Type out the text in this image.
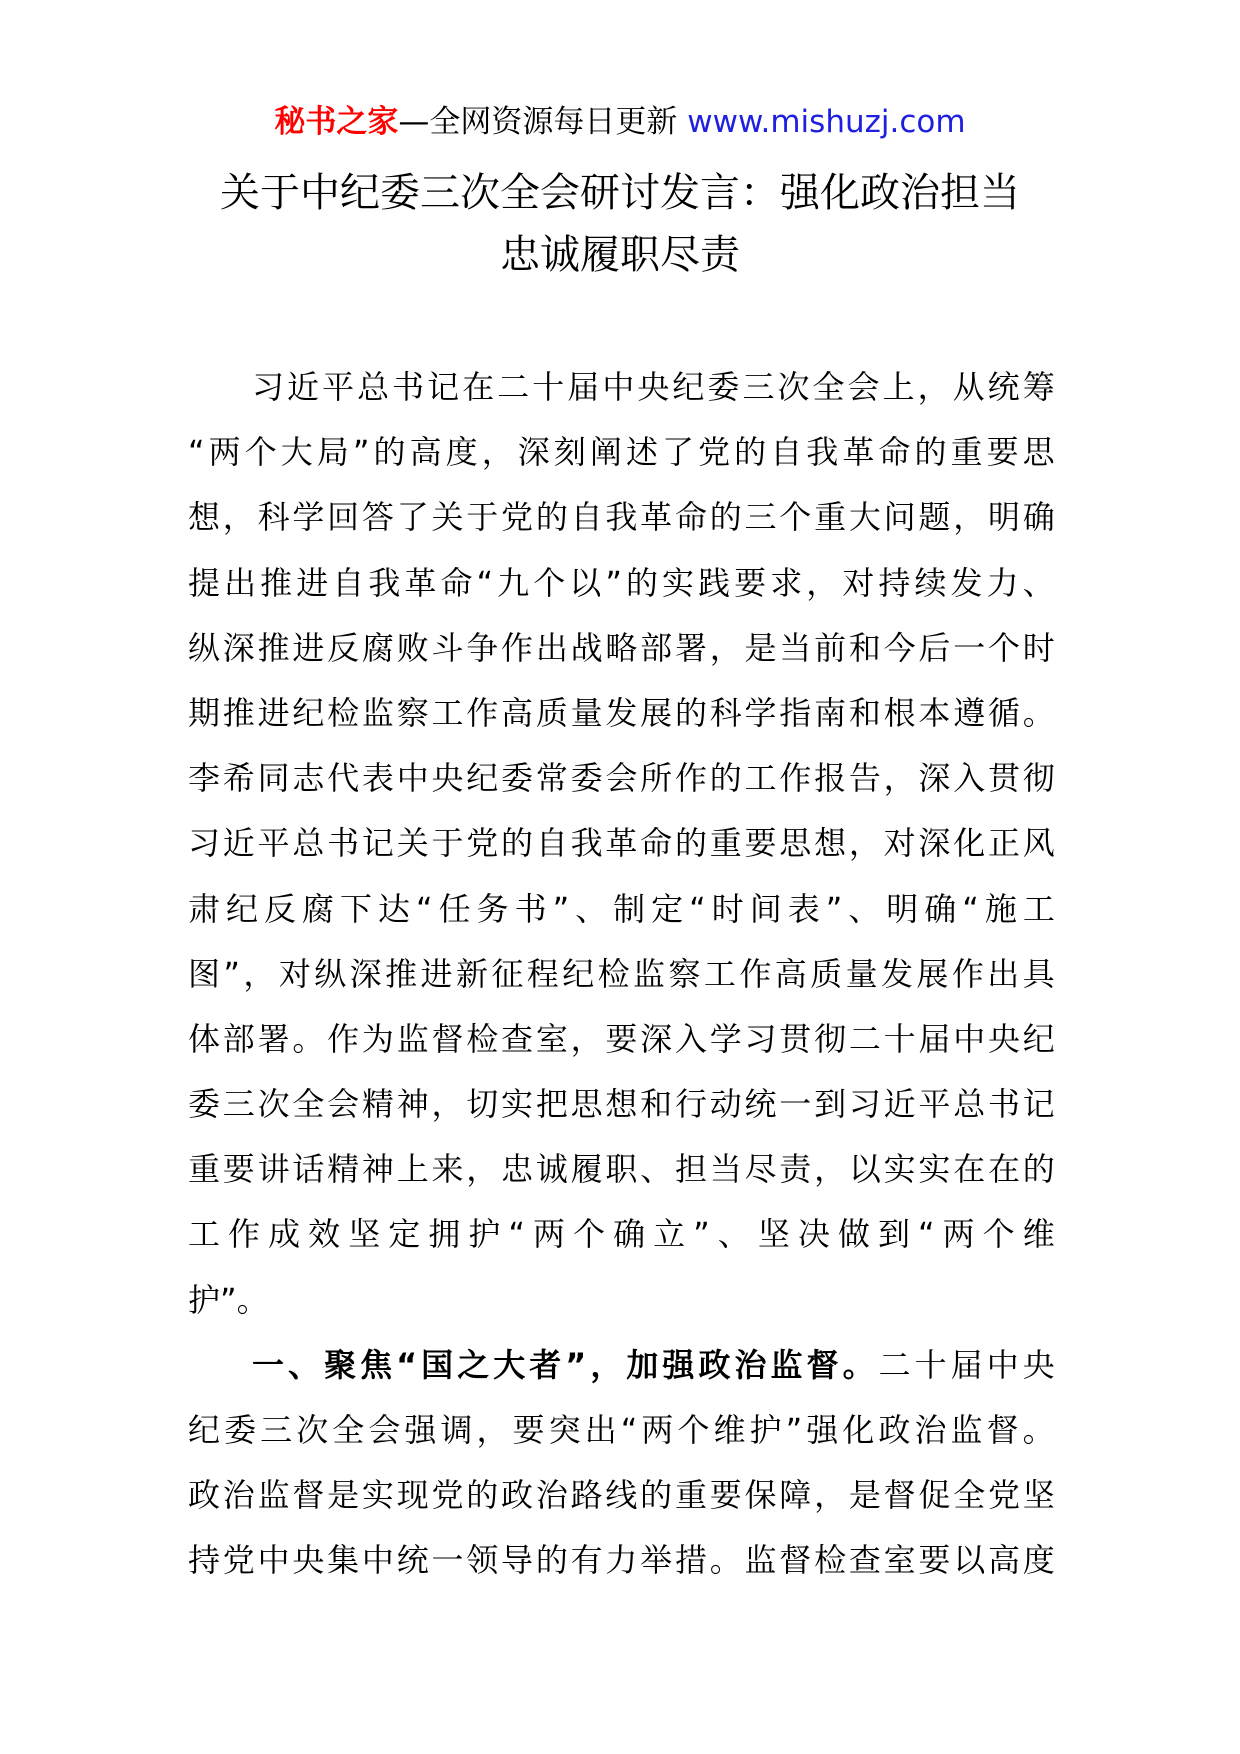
秘书之家—全网资源每日更新 www.mishuzj.com
关于中纪委三次全会研讨发言：强化政治担当
忠诚履职尽责
习 近 平 总 书 记 在 二 十 届 中 央 纪 委 三 次 全 会 上 ， 从 统 筹
“ 两 个 大 局 ” 的 高 度 ， 深 刻 阐 述 了 党 的 自 我 革 命 的 重 要 思
想 ， 科 学 回 答 了 关 于 党 的 自 我 革 命 的 三 个 重 大 问 题 ， 明 确
提 出 推 进 自 我 革 命 “ 九 个 以 ” 的 实 践 要 求 ， 对 持 续 发 力 、
纵 深 推 进 反 腐 败 斗 争 作 出 战 略 部 署 ， 是 当 前 和 今 后 一 个 时
期 推 进 纪 检 监 察 工 作 高 质 量 发 展 的 科 学 指 南 和 根 本 遵 循 。
李 希 同 志 代 表 中 央 纪 委 常 委 会 所 作 的 工 作 报 告 ， 深 入 贯 彻
习 近 平 总 书 记 关 于 党 的 自 我 革 命 的 重 要 思 想 ， 对 深 化 正 风
肃 纪 反 腐 下 达 “ 任 务 书 ” 、 制 定 “ 时 间 表 ” 、 明 确 “ 施 工
图 ” ， 对 纵 深 推 进 新 征 程 纪 检 监 察 工 作 高 质 量 发 展 作 出 具
体 部 署 。 作 为 监 督 检 查 室 ， 要 深 入 学 习 贯 彻 二 十 届 中 央 纪
委 三 次 全 会 精 神 ， 切 实 把 思 想 和 行 动 统 一 到 习 近 平 总 书 记
重 要 讲 话 精 神 上 来 ， 忠 诚 履 职 、 担 当 尽 责 ， 以 实 实 在 在 的
工 作 成 效 坚 定 拥 护 “ 两 个 确 立 ” 、 坚 决 做 到 “ 两 个 维
护 ” 。
一 、 聚 焦 “ 国 之 大 者 ” ， 加 强 政 治 监 督 。 二 十 届 中 央
纪 委 三 次 全 会 强 调 ， 要 突 出 “ 两 个 维 护 ” 强 化 政 治 监 督 。
政 治 监 督 是 实 现 党 的 政 治 路 线 的 重 要 保 障 ， 是 督 促 全 党 坚
持 党 中 央 集 中 统 一 领 导 的 有 力 举 措 。 监 督 检 查 室 要 以 高 度
